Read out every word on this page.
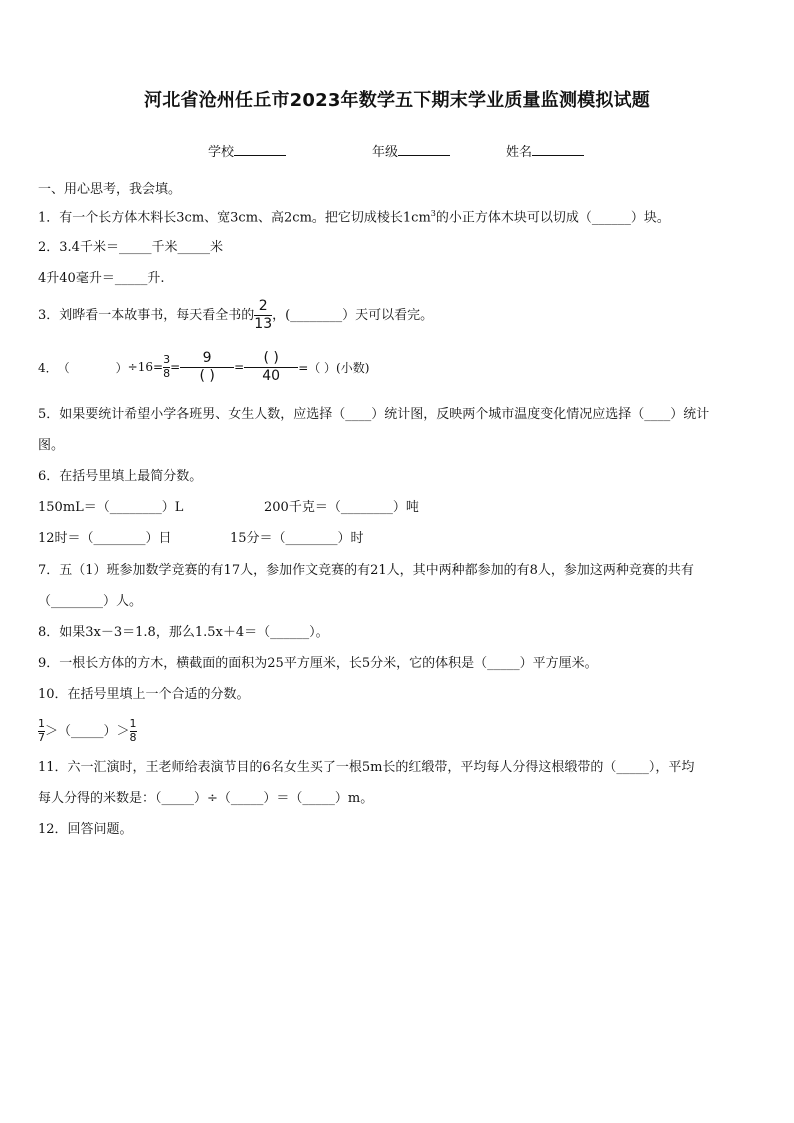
河北省沧州任丘市2023年数学五下期末学业质量监测模拟试题
学校	年级	姓名
一、用心思考，我会填。
1．有一个长方体木料长3cm、宽3cm、高2cm。把它切成棱长$1cm^3$的小正方体木块可以切成（______）块。
2．3.4千米＝_____千米_____米
4升40毫升＝_____升.
3．刘晔看一本故事书，每天看全书的 $\frac{2}{13}$ ，(________）天可以看完。
4． （	） $\div 16= \frac{3}{8} = \frac{9}{( )} = \frac{( )}{40}$ =（ ）(小数)
5．如果要统计希望小学各班男、女生人数，应选择（____）统计图，反映两个城市温度变化情况应选择（____）统计
图。
6．在括号里填上最简分数。
150mL＝（________）L	200千克＝（________）吨
12时＝（________）日	15分＝（________）时
7．五（1）班参加数学竞赛的有17人，参加作文竞赛的有21人，其中两种都参加的有8人，参加这两种竞赛的共有
（________）人。
8．如果3x－3＝1.8，那么1.5x＋4＝（______）。
9．一根长方体的方木，横截面的面积为25平方厘米，长5分米，它的体积是（_____）平方厘米。
10．在括号里填上一个合适的分数。
$\frac{1}{7}$ ＞（_____）＞ $\frac{1}{8}$
11．六一汇演时，王老师给表演节目的6名女生买了一根5m长的红缎带，平均每人分得这根缎带的（_____），平均
每人分得的米数是：（_____）÷（_____）＝（_____）m。
12．回答问题。
